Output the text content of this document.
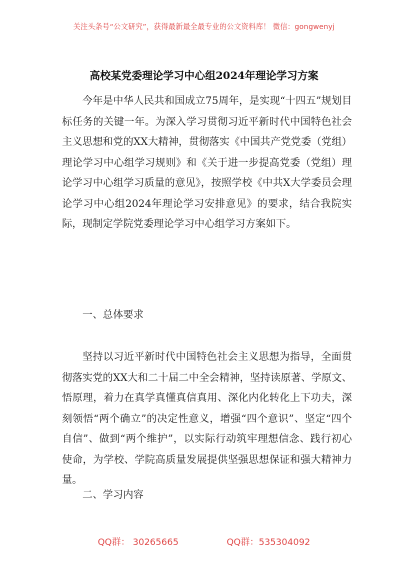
关注头条号“公文研究”，获得最新最全最专业的公文资料库！ 微信：gongwenyj
高校某党委理论学习中心组2024年理论学习方案
今年是中华人民共和国成立75周年，是实现“十四五”规划目标任务的关键一年。为深入学习贯彻习近平新时代中国特色社会主义思想和党的XX大精神，贯彻落实《中国共产党党委（党组）理论学习中心组学习规则》和《关于进一步提高党委（党组）理论学习中心组学习质量的意见》，按照学校《中共X大学委员会理论学习中心组2024年理论学习安排意见》的要求，结合我院实际，现制定学院党委理论学习中心组学习方案如下。
一、总体要求
坚持以习近平新时代中国特色社会主义思想为指导，全面贯彻落实党的XX大和二十届二中全会精神，坚持读原著、学原文、悟原理，着力在真学真懂真信真用、深化内化转化上下功夫，深刻领悟“两个确立”的决定性意义，增强“四个意识”、坚定“四个自信”、做到“两个维护”，以实际行动筑牢理想信念、践行初心使命，为学校、学院高质量发展提供坚强思想保证和强大精神力量。
二、学习内容
QQ群： 30265665	QQ群：535304092
